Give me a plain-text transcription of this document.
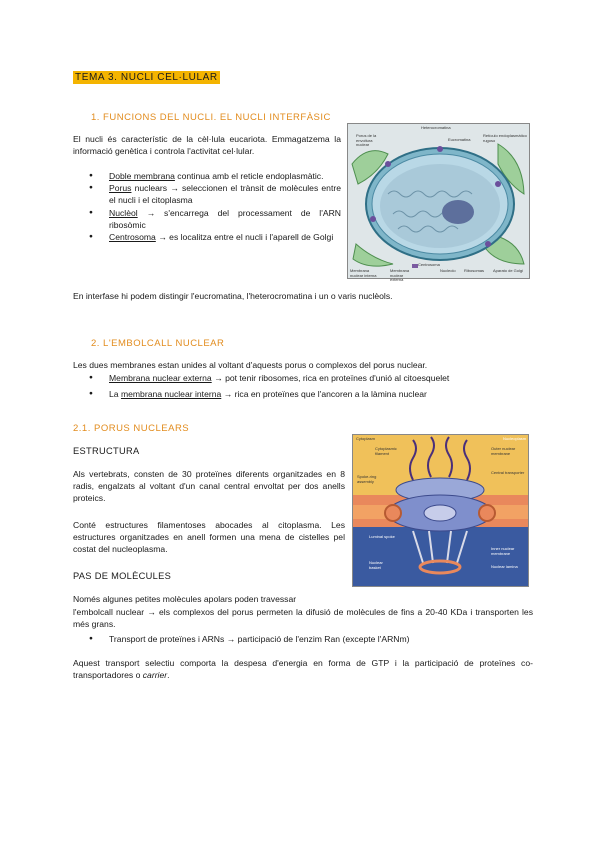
TEMA 3. NUCLI CEL·LULAR
1. FUNCIONS DEL NUCLI. EL NUCLI INTERFÀSIC
El nucli és característic de la cèl·lula eucariota. Emmagatzema la informació genètica i controla l'activitat cel·lular.
● Doble membrana continua amb el reticle endoplasmàtic.
● Porus nuclears → seleccionen el trànsit de molècules entre el nucli i el citoplasma
● Nuclèol → s'encarrega del processament de l'ARN ribosòmic
● Centrosoma → es localitza entre el nucli i l'aparell de Golgi
Heterocromatina
Porus de la envoltura nuclear
Retículo endoplasmático rugoso
Eucromatina
Membrana nuclear interna
Membrana nuclear externa
Nucleolo	Ribosomas	Aparato de Golgi
Centrosoma
En interfase hi podem distingir l'eucromatina, l'heterocromatina i un o varis nuclèols.
2. L'EMBOLCALL NUCLEAR
Les dues membranes estan unides al voltant d'aquests porus o complexos del porus nuclear.
● Membrana nuclear externa → pot tenir ribosomes, rica en proteïnes d'unió al citoesquelet
● La membrana nuclear interna → rica en proteïnes que l'ancoren a la làmina nuclear
2.1. PORUS NUCLEARS
ESTRUCTURA
Als vertebrats, consten de 30 proteïnes diferents organitzades en 8 radis, engalzats al voltant d'un canal central envoltat per dos anells proteics.
Conté estructures filamentoses abocades al citoplasma. Les estructures organitzades en anell formen una mena de cistelles pel costat del nucleoplasma.
PAS DE MOLÈCULES
Només algunes petites molècules apolars poden travessar
l'embolcall nuclear → els complexos del porus permeten la difusió de molècules de fins a 20-40 KDa i transporten les més grans.
● Transport de proteïnes i ARNs → participació de l'enzim Ran (excepte l'ARNm)
Aquest transport selectiu comporta la despesa d'energia en forma de GTP i la participació de proteïnes co-transportadores o carrier.
Cytoplasm
Cytoplasmic filament
Spoke-ring assembly
Nucleoplasm
Outer nuclear membrane
Central transporter
Inner nuclear membrane
Nuclear lamina
Nuclear basket
Luminal spoke
